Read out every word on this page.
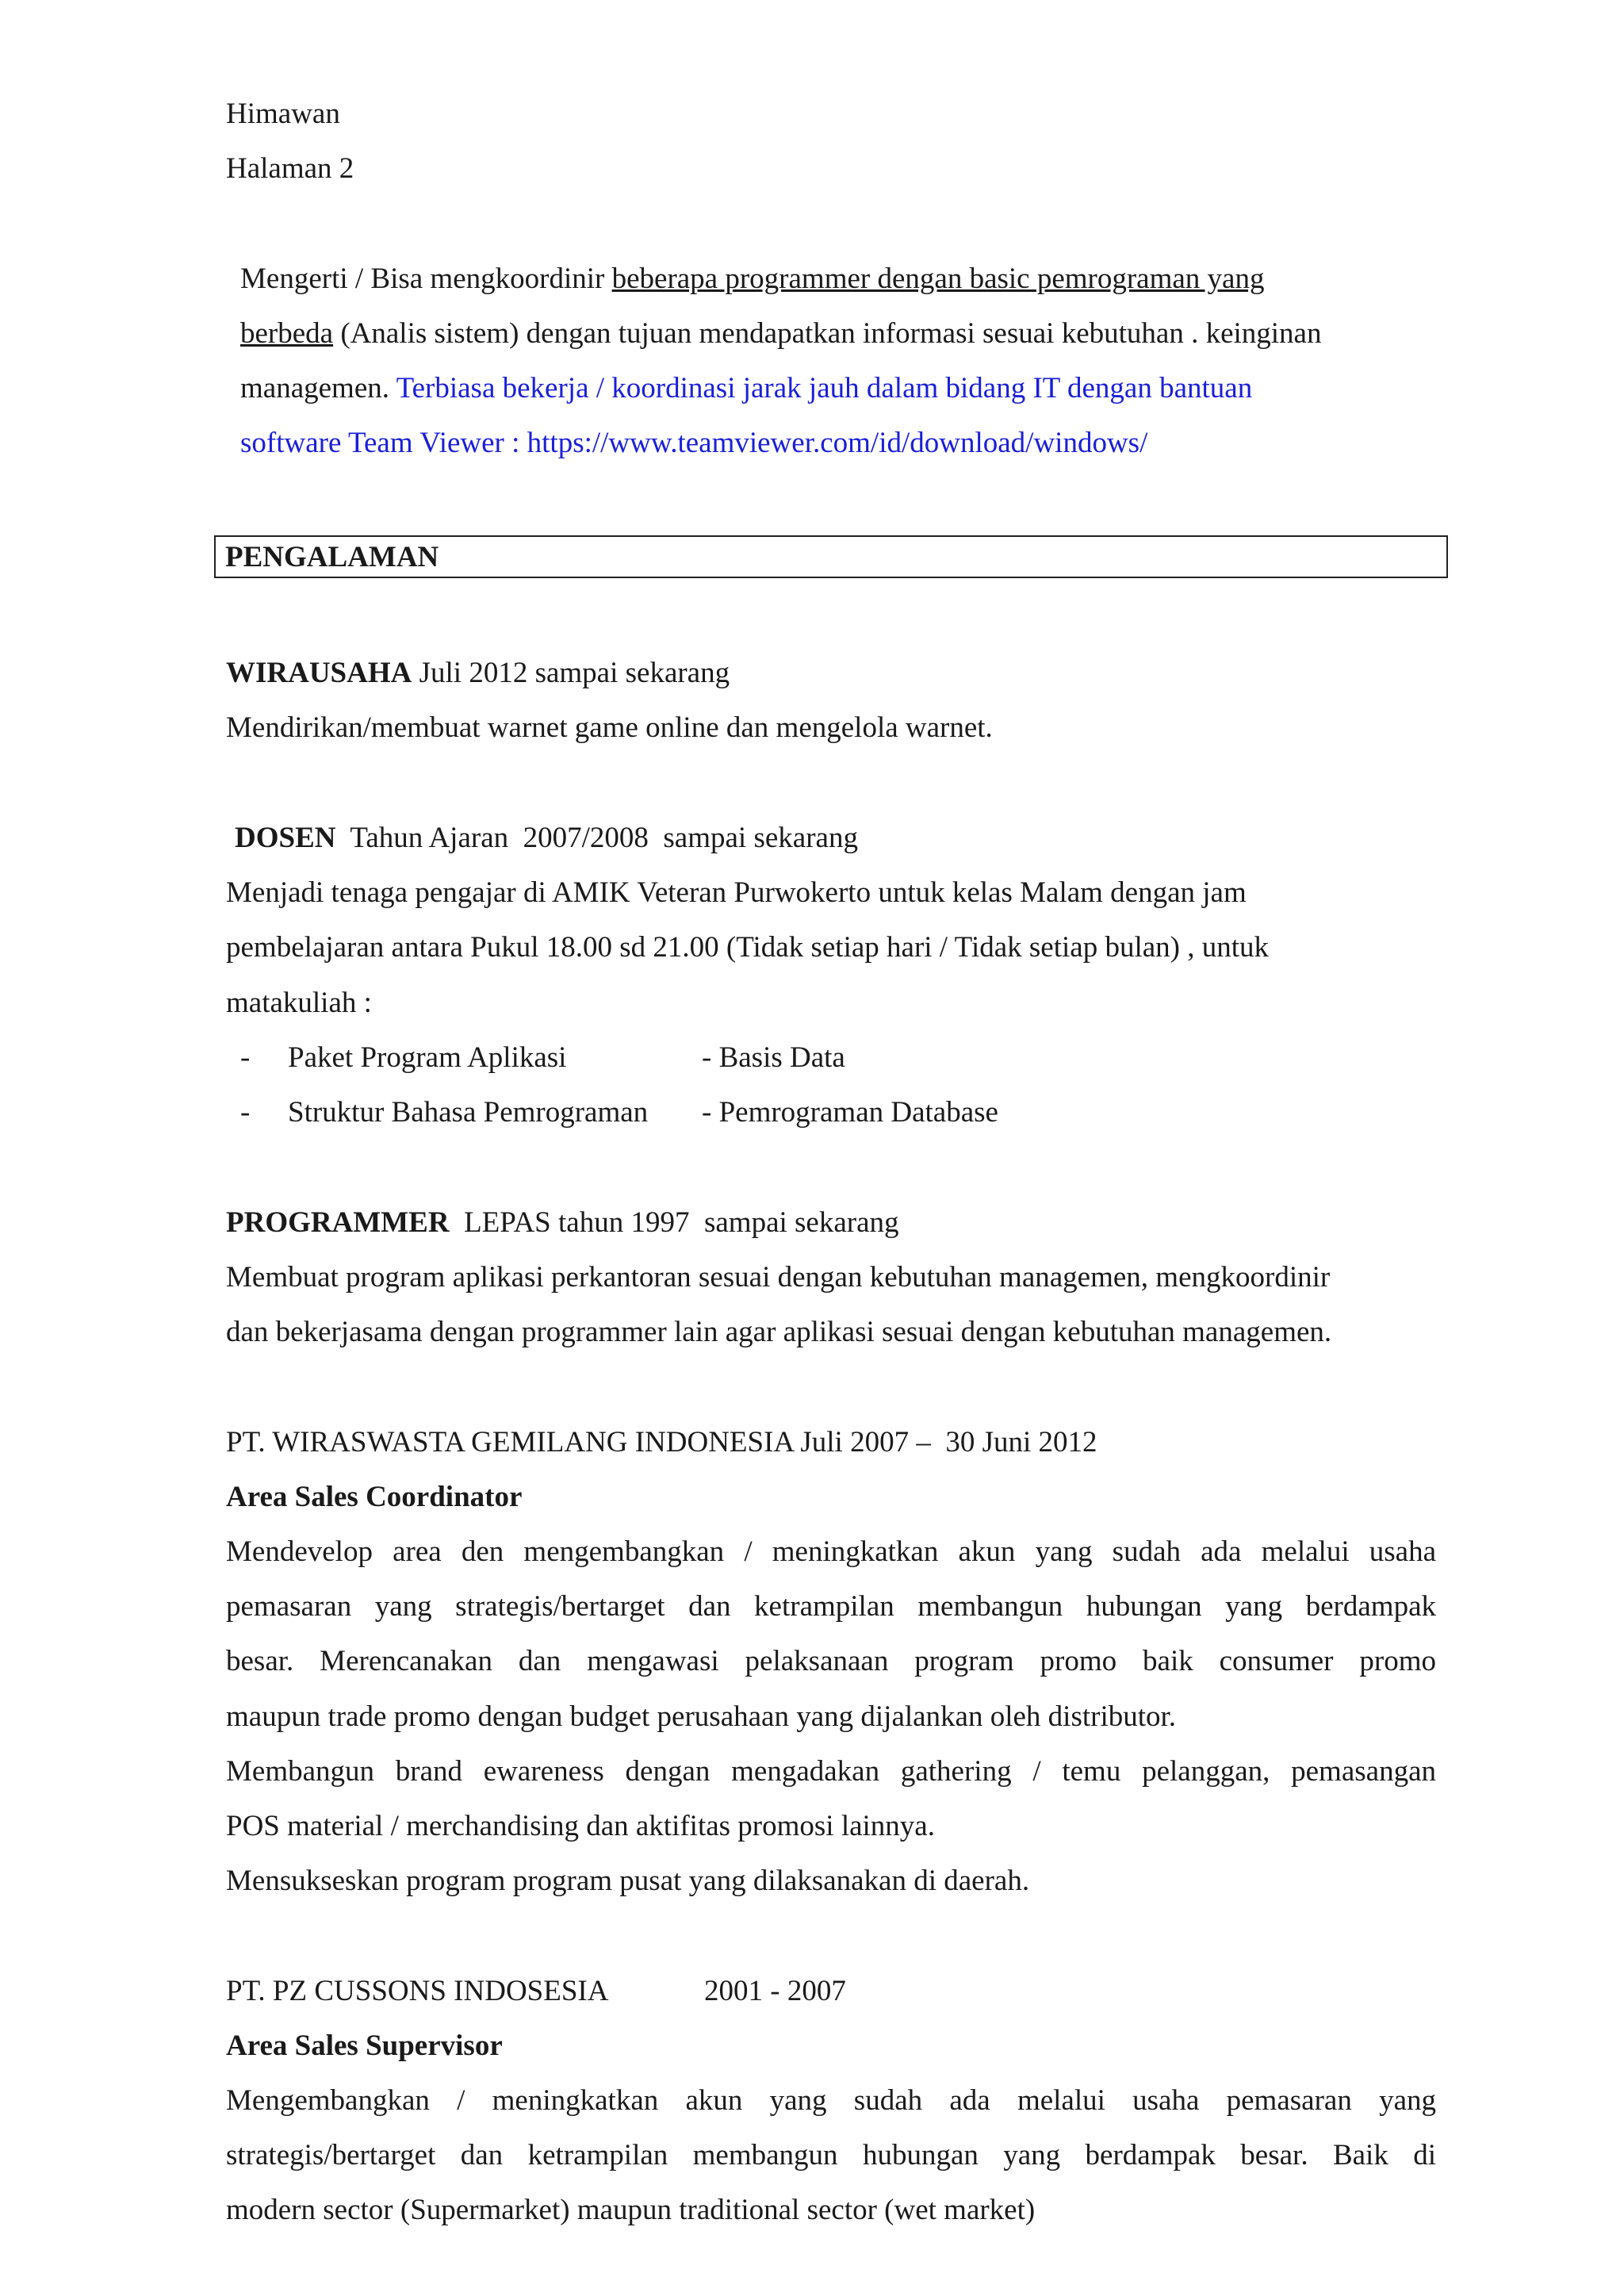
Himawan
Halaman 2
Mengerti / Bisa mengkoordinir beberapa programmer dengan basic pemrograman yang
berbeda (Analis sistem) dengan tujuan mendapatkan informasi sesuai kebutuhan . keinginan
managemen. Terbiasa bekerja / koordinasi jarak jauh dalam bidang IT dengan bantuan
software Team Viewer : https://www.teamviewer.com/id/download/windows/
PENGALAMAN
WIRAUSAHA Juli 2012 sampai sekarang
Mendirikan/membuat warnet game online dan mengelola warnet.
DOSEN  Tahun Ajaran  2007/2008  sampai sekarang
Menjadi tenaga pengajar di AMIK Veteran Purwokerto untuk kelas Malam dengan jam
pembelajaran antara Pukul 18.00 sd 21.00 (Tidak setiap hari / Tidak setiap bulan) , untuk
matakuliah :
- Paket Program Aplikasi	- Basis Data
- Struktur Bahasa Pemrograman - Pemrograman Database
PROGRAMMER  LEPAS tahun 1997  sampai sekarang
Membuat program aplikasi perkantoran sesuai dengan kebutuhan managemen, mengkoordinir
dan bekerjasama dengan programmer lain agar aplikasi sesuai dengan kebutuhan managemen.
PT. WIRASWASTA GEMILANG INDONESIA Juli 2007 –  30 Juni 2012
Area Sales Coordinator
Mendevelop area den mengembangkan / meningkatkan akun yang sudah ada melalui usaha
pemasaran yang strategis/bertarget dan ketrampilan membangun hubungan yang berdampak
besar. Merencanakan dan mengawasi pelaksanaan program promo baik consumer promo
maupun trade promo dengan budget perusahaan yang dijalankan oleh distributor.
Membangun brand ewareness dengan mengadakan gathering / temu pelanggan, pemasangan
POS material / merchandising dan aktifitas promosi lainnya.
Mensukseskan program program pusat yang dilaksanakan di daerah.
PT. PZ CUSSONS INDOSESIA	2001 - 2007
Area Sales Supervisor
Mengembangkan / meningkatkan akun yang sudah ada melalui usaha pemasaran yang
strategis/bertarget dan ketrampilan membangun hubungan yang berdampak besar. Baik di
modern sector (Supermarket) maupun traditional sector (wet market)
